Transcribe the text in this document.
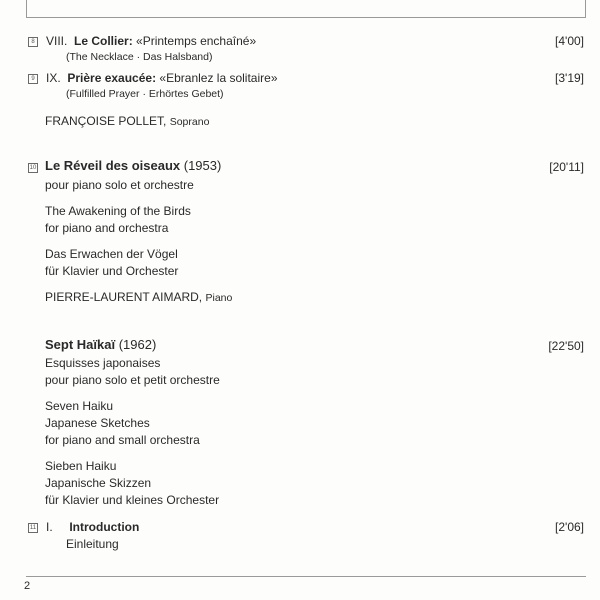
8 VIII. Le Collier: «Printemps enchaîné»
(The Necklace · Das Halsband)
[4'00]
9 IX. Prière exaucée: «Ebranlez la solitaire»
(Fulfilled Prayer · Erhörtes Gebet)
[3'19]
FRANÇOISE POLLET, Soprano
10 Le Réveil des oiseaux (1953)	[20'11]
pour piano solo et orchestre
The Awakening of the Birds
for piano and orchestra
Das Erwachen der Vögel
für Klavier und Orchester
PIERRE-LAURENT AIMARD, Piano
Sept Haïkaï (1962)	[22'50]
Esquisses japonaises
pour piano solo et petit orchestre
Seven Haiku
Japanese Sketches
for piano and small orchestra
Sieben Haiku
Japanische Skizzen
für Klavier und kleines Orchester
11 I. Introduction
Einleitung
[2'06]
2
